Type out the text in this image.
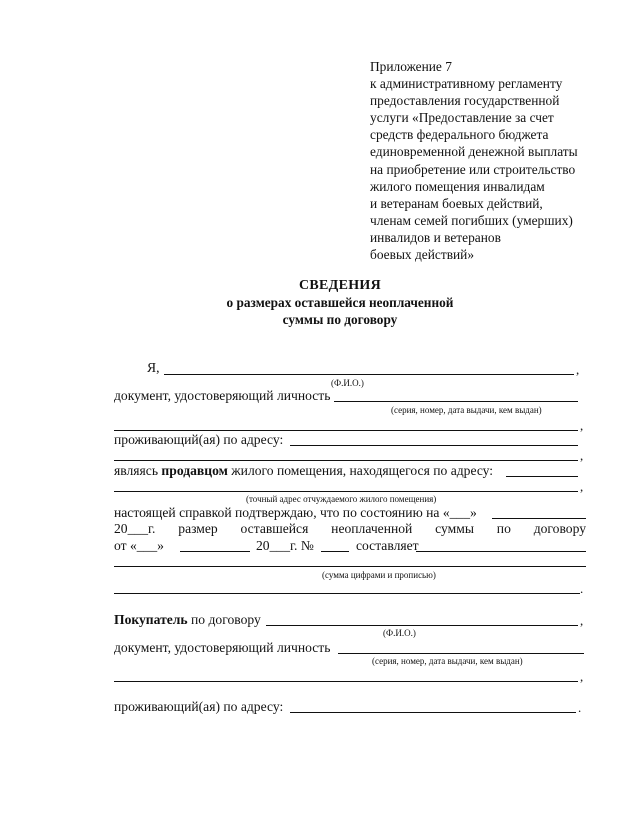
Приложение 7
к административному регламенту
предоставления государственной
услуги «Предоставление за счет
средств федерального бюджета
единовременной денежной выплаты
на приобретение или строительство
жилого помещения инвалидам
и ветеранам боевых действий,
членам семей погибших (умерших)
инвалидов и ветеранов
боевых действий»
СВЕДЕНИЯ
о размерах оставшейся неоплаченной
суммы по договору
Я,	,
(Ф.И.О.)
документ, удостоверяющий личность
(серия, номер, дата выдачи, кем выдан)
,
проживающий(ая) по адресу:
,
являясь продавцом жилого помещения, находящегося по адресу:
,
(точный адрес отчуждаемого жилого помещения)
настоящей справкой подтверждаю, что по состоянию на «___»
20___г. размер оставшейся неоплаченной суммы по договору
от «___»	20___г. №	составляет
(сумма цифрами и прописью)
.
Покупатель по договору	,
(Ф.И.О.)
документ, удостоверяющий личность
(серия, номер, дата выдачи, кем выдан)
,
проживающий(ая) по адресу:	.
